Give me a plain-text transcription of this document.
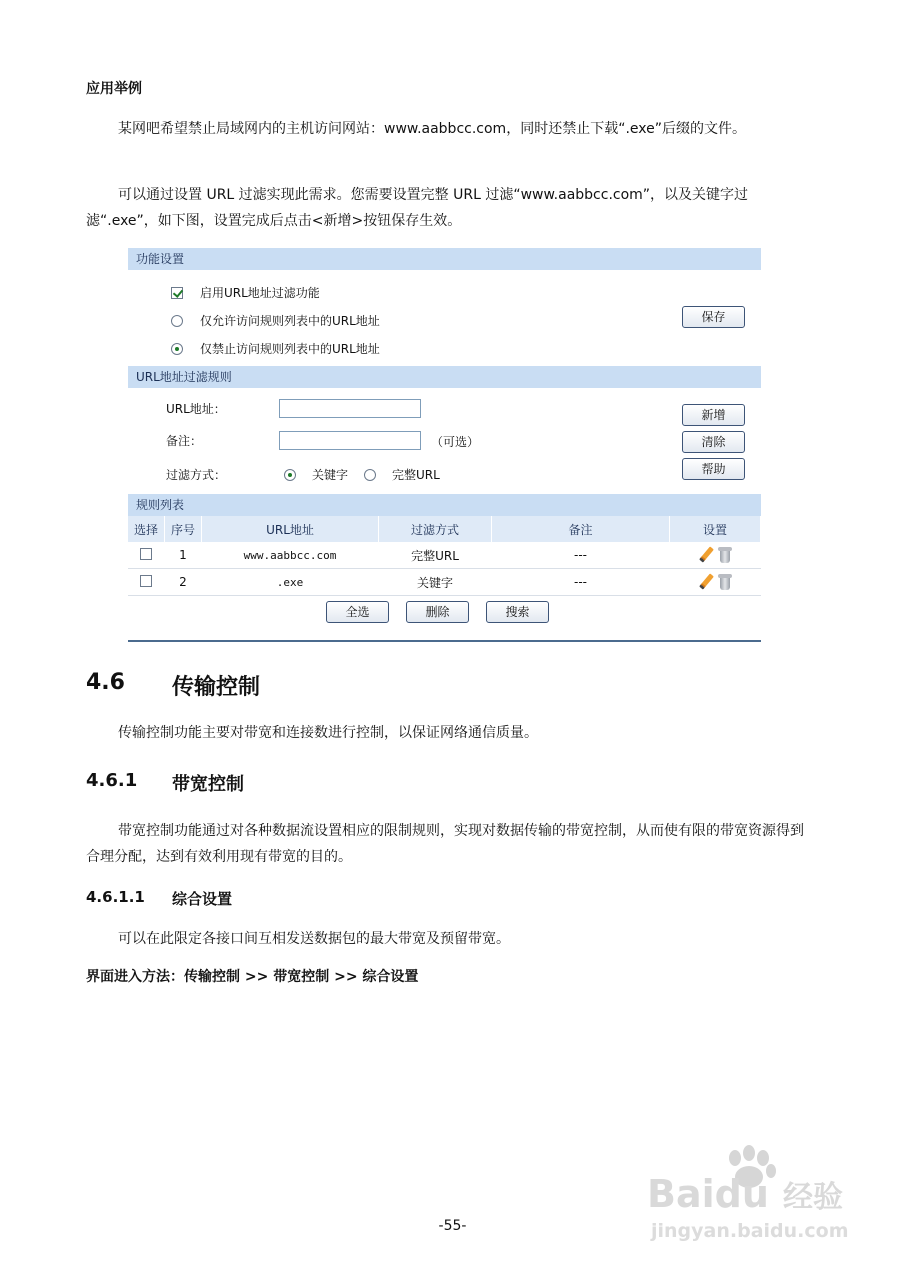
应用举例

某网吧希望禁止局域网内的主机访问网站：www.aabbcc.com，同时还禁止下载“.exe”后缀的文件。

可以通过设置 URL 过滤实现此需求。您需要设置完整 URL 过滤“www.aabbcc.com”，以及关键字过滤“.exe”，如下图，设置完成后点击<新增>按钮保存生效。

功能设置
启用URL地址过滤功能
仅允许访问规则列表中的URL地址
仅禁止访问规则列表中的URL地址
保存
URL地址过滤规则
URL地址：
备注：	（可选）
过滤方式：	关键字	完整URL
新增
清除
帮助
规则列表
选择	序号	URL地址	过滤方式	备注	设置
	1	www.aabbcc.com	完整URL	---	
	2	.exe	关键字	---	
全选	删除	搜索
4.6	传输控制

传输控制功能主要对带宽和连接数进行控制，以保证网络通信质量。

4.6.1	带宽控制

带宽控制功能通过对各种数据流设置相应的限制规则，实现对数据传输的带宽控制，从而使有限的带宽资源得到合理分配，达到有效利用现有带宽的目的。

4.6.1.1	综合设置

可以在此限定各接口间互相发送数据包的最大带宽及预留带宽。

界面进入方法：传输控制 >> 带宽控制 >> 综合设置
-55-
Baidu 经验
jingyan.baidu.com
